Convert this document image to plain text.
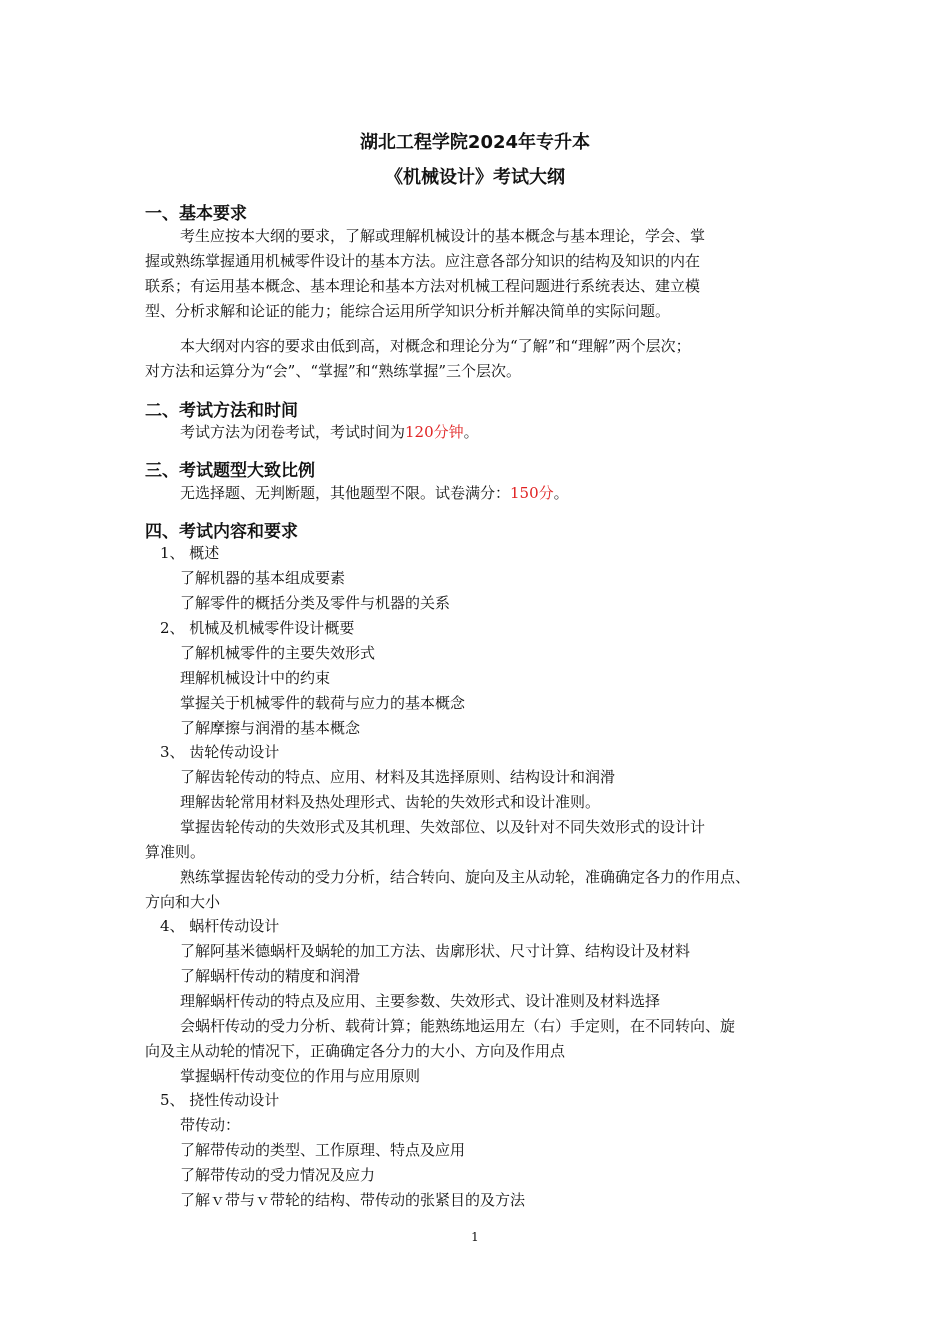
湖北工程学院2024年专升本
《机械设计》考试大纲
一、基本要求
考生应按本大纲的要求，了解或理解机械设计的基本概念与基本理论，学会、掌
握或熟练掌握通用机械零件设计的基本方法。应注意各部分知识的结构及知识的内在
联系；有运用基本概念、基本理论和基本方法对机械工程问题进行系统表达、建立模
型、分析求解和论证的能力；能综合运用所学知识分析并解决简单的实际问题。
本大纲对内容的要求由低到高，对概念和理论分为“了解”和“理解”两个层次；
对方法和运算分为“会”、“掌握”和“熟练掌握”三个层次。
二、考试方法和时间
考试方法为闭卷考试，考试时间为120分钟。
三、考试题型大致比例
无选择题、无判断题，其他题型不限。试卷满分：150分。
四、考试内容和要求
1、 概述
了解机器的基本组成要素
了解零件的概括分类及零件与机器的关系
2、 机械及机械零件设计概要
了解机械零件的主要失效形式
理解机械设计中的约束
掌握关于机械零件的载荷与应力的基本概念
了解摩擦与润滑的基本概念
3、 齿轮传动设计
了解齿轮传动的特点、应用、材料及其选择原则、结构设计和润滑
理解齿轮常用材料及热处理形式、齿轮的失效形式和设计准则。
掌握齿轮传动的失效形式及其机理、失效部位、以及针对不同失效形式的设计计
算准则。
熟练掌握齿轮传动的受力分析，结合转向、旋向及主从动轮，准确确定各力的作用点、
方向和大小
4、 蜗杆传动设计
了解阿基米德蜗杆及蜗轮的加工方法、齿廓形状、尺寸计算、结构设计及材料
了解蜗杆传动的精度和润滑
理解蜗杆传动的特点及应用、主要参数、失效形式、设计准则及材料选择
会蜗杆传动的受力分析、载荷计算；能熟练地运用左（右）手定则，在不同转向、旋
向及主从动轮的情况下，正确确定各分力的大小、方向及作用点
掌握蜗杆传动变位的作用与应用原则
5、 挠性传动设计
带传动：
了解带传动的类型、工作原理、特点及应用
了解带传动的受力情况及应力
了解ｖ带与ｖ带轮的结构、带传动的张紧目的及方法
1
